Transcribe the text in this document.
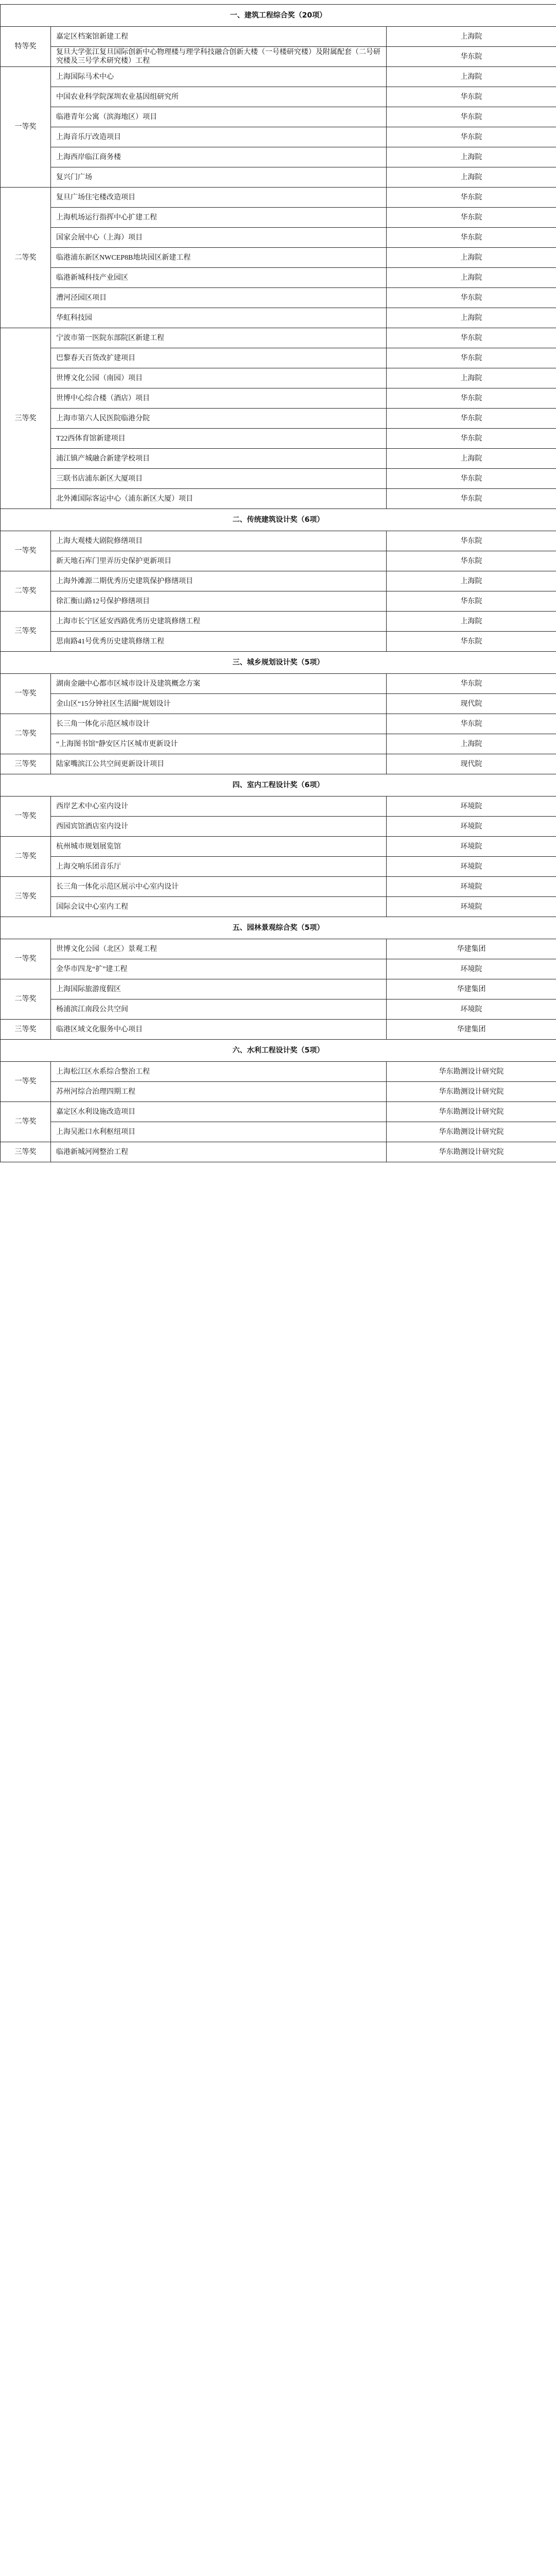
一、建筑工程综合奖（20项）		
特等奖	嘉定区档案馆新建工程	上海院
	复旦大学张江复旦国际创新中心物理楼与理学科技融合创新大楼（一号楼研究楼）及附属配套（二号研究楼及三号学术研究楼）工程	华东院
一等奖	上海国际马术中心	上海院
	中国农业科学院深圳农业基因组研究所	华东院
	临港青年公寓（滨海地区）项目	华东院
	上海音乐厅改造项目	华东院
	上海西岸临江商务楼	上海院
	复兴门广场	上海院
二等奖	复旦广场住宅楼改造项目	华东院
	上海机场运行指挥中心扩建工程	华东院
	国家会展中心（上海）项目	华东院
	临港浦东新区NWCEP8B地块园区新建工程	上海院
	临港新城科技产业园区	上海院
	漕河泾园区项目	华东院
	华虹科技园	上海院
三等奖	宁波市第一医院东部院区新建工程	华东院
	巴黎春天百货改扩建项目	华东院
	世博文化公园（南园）项目	上海院
	世博中心综合楼（酒店）项目	华东院
	上海市第六人民医院临港分院	华东院
	T22西体育馆新建项目	华东院
	浦江镇产城融合新建学校项目	上海院
	三联书店浦东新区大厦项目	华东院
	北外滩国际客运中心（浦东新区大厦）项目	华东院
二、传统建筑设计奖（6项）		
一等奖	上海大观楼大剧院修缮项目	华东院
	新天地石库门里弄历史保护更新项目	华东院
二等奖	上海外滩源二期优秀历史建筑保护修缮项目	上海院
	徐汇衡山路12号保护修缮项目	华东院
三等奖	上海市长宁区延安西路优秀历史建筑修缮工程	上海院
	思南路41号优秀历史建筑修缮工程	华东院
三、城乡规划设计奖（5项）		
一等奖	湖南金融中心都市区城市设计及建筑概念方案	华东院
	金山区“15分钟社区生活圈”规划设计	现代院
二等奖	长三角一体化示范区城市设计	华东院
	“上海图书馆”静安区片区城市更新设计	上海院
三等奖	陆家嘴滨江公共空间更新设计项目	现代院
四、室内工程设计奖（6项）		
一等奖	西岸艺术中心室内设计	环境院
	西园宾馆酒店室内设计	环境院
二等奖	杭州城市规划展览馆	环境院
	上海交响乐团音乐厅	环境院
三等奖	长三角一体化示范区展示中心室内设计	环境院
	国际会议中心室内工程	环境院
五、园林景观综合奖（5项）		
一等奖	世博文化公园（北区）景观工程	华建集团
	金华市四龙“扩”建工程	环境院
二等奖	上海国际旅游度假区	华建集团
	杨浦滨江南段公共空间	环境院
三等奖	临港区域文化服务中心项目	华建集团
六、水利工程设计奖（5项）		
一等奖	上海松江区水系综合整治工程	华东勘测设计研究院
	苏州河综合治理四期工程	华东勘测设计研究院
二等奖	嘉定区水利设施改造项目	华东勘测设计研究院
	上海吴淞口水利枢纽项目	华东勘测设计研究院
三等奖	临港新城河网整治工程	华东勘测设计研究院
